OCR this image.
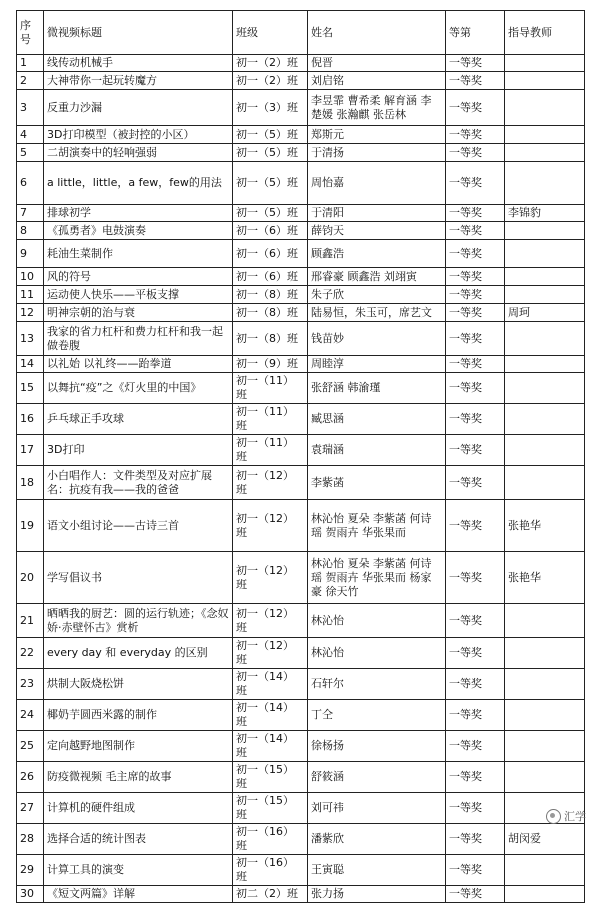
序号	微视频标题	班级	姓名	等第	指导教师
1	线传动机械手	初一（2）班	倪晋	一等奖	
2	大神带你一起玩转魔方	初一（2）班	刘启铭	一等奖	
3	反重力沙漏	初一（3）班	李昱霏 曹希柔 解育涵 李楚媛 张瀚麒 张岳林	一等奖	
4	3D打印模型（被封控的小区）	初一（5）班	郑斯元	一等奖	
5	二胡演奏中的轻响强弱	初一（5）班	于清扬	一等奖	
6	a little，little，a few，few的用法	初一（5）班	周怡嘉	一等奖	
7	排球初学	初一（5）班	于清阳	一等奖	李锦豹
8	《孤勇者》电鼓演奏	初一（6）班	薛钧天	一等奖	
9	耗油生菜制作	初一（6）班	顾鑫浩	一等奖	
10	风的符号	初一（6）班	邢睿豪 顾鑫浩 刘翊寅	一等奖	
11	运动使人快乐——平板支撑	初一（8）班	朱子欣	一等奖	
12	明神宗朝的治与衰	初一（8）班	陆易恒，朱玉可，席艺文	一等奖	周珂
13	我家的省力杠杆和费力杠杆和我一起做卷腹	初一（8）班	钱苗妙	一等奖	
14	以礼始 以礼终——跆拳道	初一（9）班	周睦淳	一等奖	
15	以舞抗“疫”之《灯火里的中国》	初一（11）班	张舒涵 韩渝瑾	一等奖	
16	乒乓球正手攻球	初一（11）班	臧思涵	一等奖	
17	3D打印	初一（11）班	袁瑞涵	一等奖	
18	小白唱作人：文件类型及对应扩展名：抗疫有我——我的爸爸	初一（12）班	李紫菡	一等奖	
19	语文小组讨论——古诗三首	初一（12）班	林沁怡 夏朵 李紫菡 何诗瑶 贺雨卉 华张果而	一等奖	张艳华
20	学写倡议书	初一（12）班	林沁怡 夏朵 李紫菡 何诗瑶 贺雨卉 华张果而 杨家豪 徐天竹	一等奖	张艳华
21	晒晒我的厨艺：圆的运行轨迹；《念奴娇·赤壁怀古》赏析	初一（12）班	林沁怡	一等奖	
22	every day 和 everyday 的区别	初一（12）班	林沁怡	一等奖	
23	烘制大阪烧松饼	初一（14）班	石轩尔	一等奖	
24	椰奶芋圆西米露的制作	初一（14）班	丁仝	一等奖	
25	定向越野地图制作	初一（14）班	徐杨扬	一等奖	
26	防疫微视频 毛主席的故事	初一（15）班	舒筱涵	一等奖	
27	计算机的硬件组成	初一（15）班	刘可祎	一等奖	
28	选择合适的统计图表	初一（16）班	潘紫欣	一等奖	胡闵爱
29	计算工具的演变	初一（16）班	王寅聪	一等奖	
30	《短文两篇》详解	初二（2）班	张力扬	一等奖	
汇学
